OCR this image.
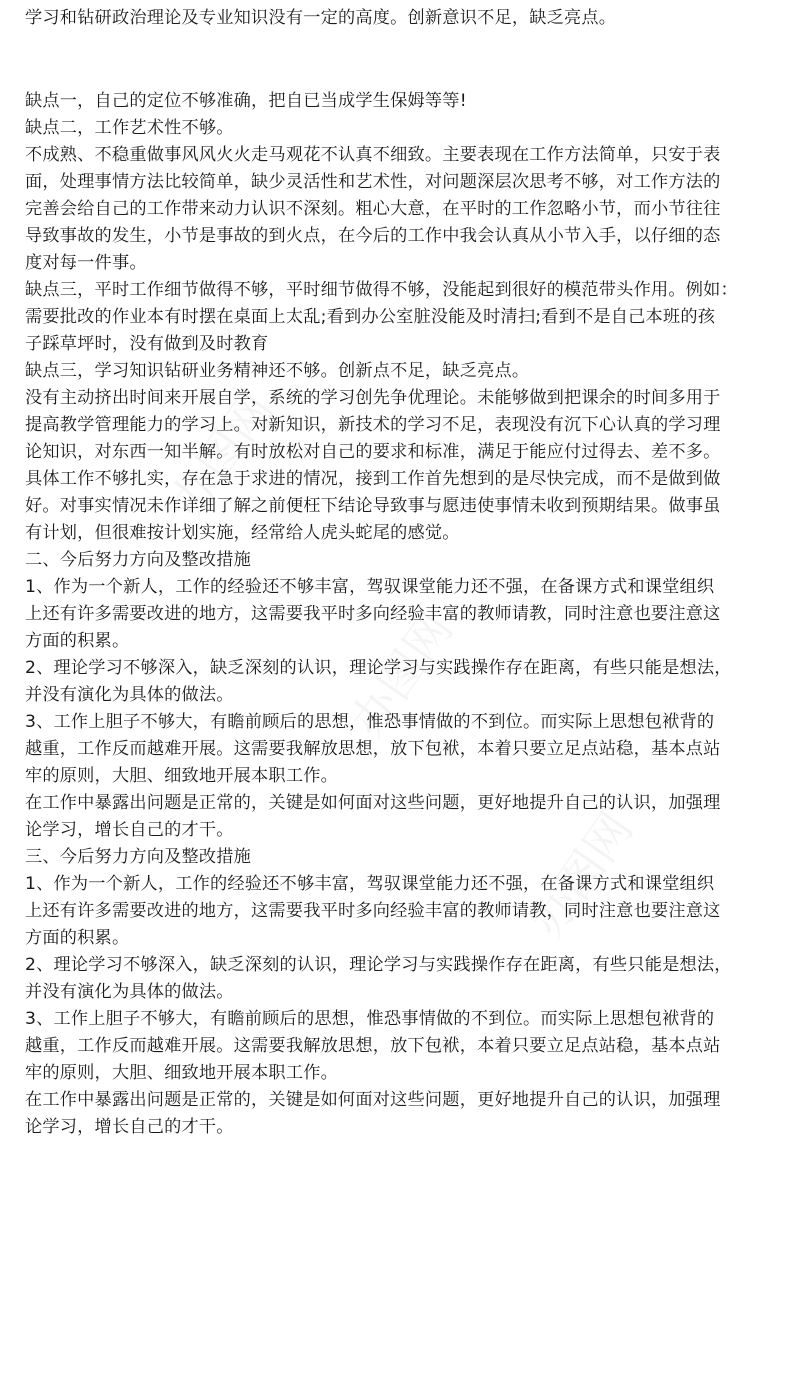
学习和钻研政治理论及专业知识没有一定的高度。创新意识不足，缺乏亮点。
缺点一，自己的定位不够准确，把自已当成学生保姆等等!
缺点二，工作艺术性不够。
不成熟、不稳重做事风风火火走马观花不认真不细致。主要表现在工作方法简单，只安于表
面，处理事情方法比较简单，缺少灵活性和艺术性，对问题深层次思考不够，对工作方法的
完善会给自己的工作带来动力认识不深刻。粗心大意，在平时的工作忽略小节，而小节往往
导致事故的发生，小节是事故的到火点，在今后的工作中我会认真从小节入手，以仔细的态
度对每一件事。
缺点三，平时工作细节做得不够，平时细节做得不够，没能起到很好的模范带头作用。例如：
需要批改的作业本有时摆在桌面上太乱;看到办公室脏没能及时清扫;看到不是自己本班的孩
子踩草坪时，没有做到及时教育
缺点三，学习知识钻研业务精神还不够。创新点不足，缺乏亮点。
没有主动挤出时间来开展自学，系统的学习创先争优理论。未能够做到把课余的时间多用于
提高教学管理能力的学习上。对新知识，新技术的学习不足，表现没有沉下心认真的学习理
论知识，对东西一知半解。有时放松对自己的要求和标准，满足于能应付过得去、差不多。
具体工作不够扎实，存在急于求进的情况，接到工作首先想到的是尽快完成，而不是做到做
好。对事实情况未作详细了解之前便枉下结论导致事与愿违使事情未收到预期结果。做事虽
有计划，但很难按计划实施，经常给人虎头蛇尾的感觉。
二、今后努力方向及整改措施
1、作为一个新人，工作的经验还不够丰富，驾驭课堂能力还不强，在备课方式和课堂组织
上还有许多需要改进的地方，这需要我平时多向经验丰富的教师请教，同时注意也要注意这
方面的积累。
2、理论学习不够深入，缺乏深刻的认识，理论学习与实践操作存在距离，有些只能是想法，
并没有演化为具体的做法。
3、工作上胆子不够大，有瞻前顾后的思想，惟恐事情做的不到位。而实际上思想包袱背的
越重，工作反而越难开展。这需要我解放思想，放下包袱，本着只要立足点站稳，基本点站
牢的原则，大胆、细致地开展本职工作。
在工作中暴露出问题是正常的，关键是如何面对这些问题，更好地提升自己的认识，加强理
论学习，增长自己的才干。
三、今后努力方向及整改措施
1、作为一个新人，工作的经验还不够丰富，驾驭课堂能力还不强，在备课方式和课堂组织
上还有许多需要改进的地方，这需要我平时多向经验丰富的教师请教，同时注意也要注意这
方面的积累。
2、理论学习不够深入，缺乏深刻的认识，理论学习与实践操作存在距离，有些只能是想法，
并没有演化为具体的做法。
3、工作上胆子不够大，有瞻前顾后的思想，惟恐事情做的不到位。而实际上思想包袱背的
越重，工作反而越难开展。这需要我解放思想，放下包袱，本着只要立足点站稳，基本点站
牢的原则，大胆、细致地开展本职工作。
在工作中暴露出问题是正常的，关键是如何面对这些问题，更好地提升自己的认识，加强理
论学习，增长自己的才干。
